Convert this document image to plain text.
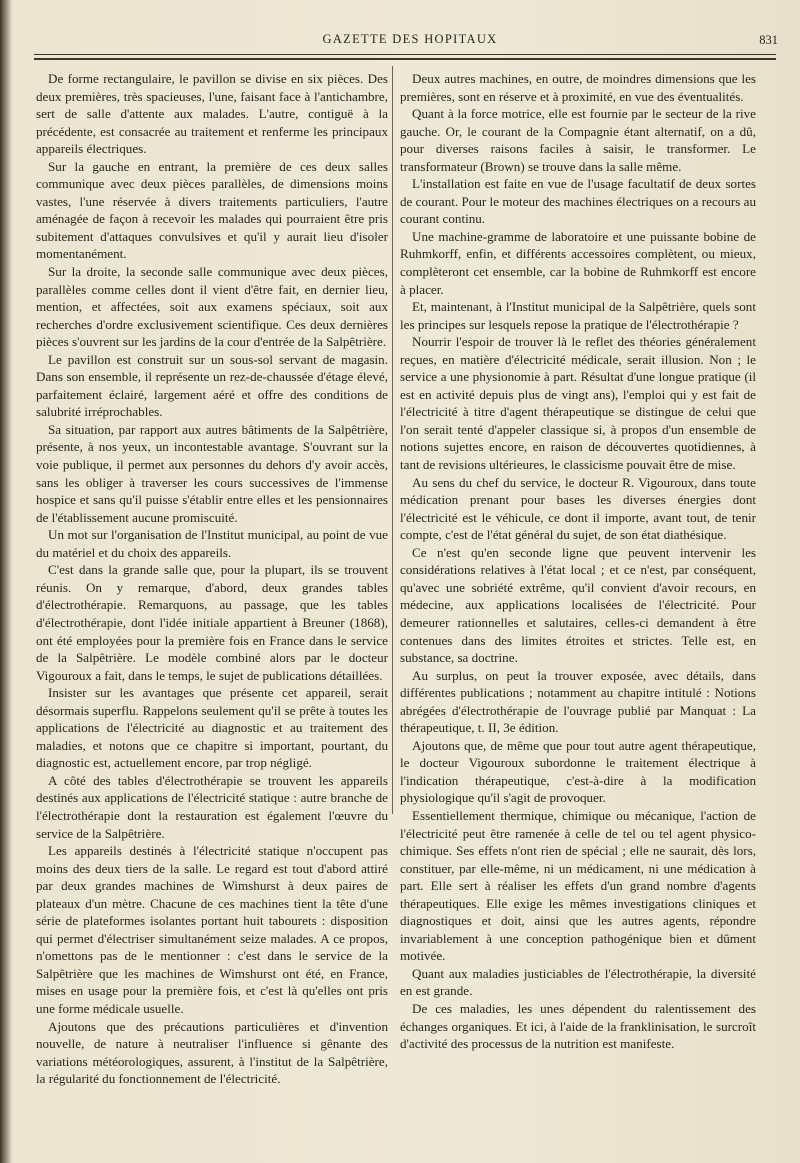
GAZETTE DES HOPITAUX	831

De forme rectangulaire, le pavillon se divise en six pièces. Des deux premières, très spacieuses, l'une, faisant face à l'antichambre, sert de salle d'attente aux malades. L'autre, contiguë à la précédente, est consacrée au traitement et renferme les principaux appareils électriques.

Sur la gauche en entrant, la première de ces deux salles communique avec deux pièces parallèles, de dimensions moins vastes, l'une réservée à divers traitements particuliers, l'autre aménagée de façon à recevoir les malades qui pourraient être pris subitement d'attaques convulsives et qu'il y aurait lieu d'isoler momentanément.

Sur la droite, la seconde salle communique avec deux pièces, parallèles comme celles dont il vient d'être fait, en dernier lieu, mention, et affectées, soit aux examens spéciaux, soit aux recherches d'ordre exclusivement scientifique. Ces deux dernières pièces s'ouvrent sur les jardins de la cour d'entrée de la Salpêtrière.

Le pavillon est construit sur un sous-sol servant de magasin. Dans son ensemble, il représente un rez-de-chaussée d'étage élevé, parfaitement éclairé, largement aéré et offre des conditions de salubrité irréprochables.

Sa situation, par rapport aux autres bâtiments de la Salpêtrière, présente, à nos yeux, un incontestable avantage. S'ouvrant sur la voie publique, il permet aux personnes du dehors d'y avoir accès, sans les obliger à traverser les cours successives de l'immense hospice et sans qu'il puisse s'établir entre elles et les pensionnaires de l'établissement aucune promiscuité.

Un mot sur l'organisation de l'Institut municipal, au point de vue du matériel et du choix des appareils.

C'est dans la grande salle que, pour la plupart, ils se trouvent réunis. On y remarque, d'abord, deux grandes tables d'électrothérapie. Remarquons, au passage, que les tables d'électrothérapie, dont l'idée initiale appartient à Breuner (1868), ont été employées pour la première fois en France dans le service de la Salpêtrière. Le modèle combiné alors par le docteur Vigouroux a fait, dans le temps, le sujet de publications détaillées.

Insister sur les avantages que présente cet appareil, serait désormais superflu. Rappelons seulement qu'il se prête à toutes les applications de l'électricité au diagnostic et au traitement des maladies, et notons que ce chapitre si important, pourtant, du diagnostic est, actuellement encore, par trop négligé.

A côté des tables d'électrothérapie se trouvent les appareils destinés aux applications de l'électricité statique : autre branche de l'électrothérapie dont la restauration est également l'œuvre du service de la Salpêtrière.

Les appareils destinés à l'électricité statique n'occupent pas moins des deux tiers de la salle. Le regard est tout d'abord attiré par deux grandes machines de Wimshurst à deux paires de plateaux d'un mètre. Chacune de ces machines tient la tête d'une série de plateformes isolantes portant huit tabourets : disposition qui permet d'électriser simultanément seize malades. A ce propos, n'omettons pas de le mentionner : c'est dans le service de la Salpêtrière que les machines de Wimshurst ont été, en France, mises en usage pour la première fois, et c'est là qu'elles ont pris une forme médicale usuelle.

Ajoutons que des précautions particulières et d'invention nouvelle, de nature à neutraliser l'influence si gênante des variations météorologiques, assurent, à l'institut de la Salpêtrière, la régularité du fonctionnement de l'électricité.

Deux autres machines, en outre, de moindres dimensions que les premières, sont en réserve et à proximité, en vue des éventualités.

Quant à la force motrice, elle est fournie par le secteur de la rive gauche. Or, le courant de la Compagnie étant alternatif, on a dû, pour diverses raisons faciles à saisir, le transformer. Le transformateur (Brown) se trouve dans la salle même.

L'installation est faite en vue de l'usage facultatif de deux sortes de courant. Pour le moteur des machines électriques on a recours au courant continu.

Une machine-gramme de laboratoire et une puissante bobine de Ruhmkorff, enfin, et différents accessoires complètent, ou mieux, complèteront cet ensemble, car la bobine de Ruhmkorff est encore à placer.

Et, maintenant, à l'Institut municipal de la Salpêtrière, quels sont les principes sur lesquels repose la pratique de l'électrothérapie ?

Nourrir l'espoir de trouver là le reflet des théories généralement reçues, en matière d'électricité médicale, serait illusion. Non ; le service a une physionomie à part. Résultat d'une longue pratique (il est en activité depuis plus de vingt ans), l'emploi qui y est fait de l'électricité à titre d'agent thérapeutique se distingue de celui que l'on serait tenté d'appeler classique si, à propos d'un ensemble de notions sujettes encore, en raison de découvertes quotidiennes, à tant de revisions ultérieures, le classicisme pouvait être de mise.

Au sens du chef du service, le docteur R. Vigouroux, dans toute médication prenant pour bases les diverses énergies dont l'électricité est le véhicule, ce dont il importe, avant tout, de tenir compte, c'est de l'état général du sujet, de son état diathésique.

Ce n'est qu'en seconde ligne que peuvent intervenir les considérations relatives à l'état local ; et ce n'est, par conséquent, qu'avec une sobriété extrême, qu'il convient d'avoir recours, en médecine, aux applications localisées de l'électricité. Pour demeurer rationnelles et salutaires, celles-ci demandent à être contenues dans des limites étroites et strictes. Telle est, en substance, sa doctrine.

Au surplus, on peut la trouver exposée, avec détails, dans différentes publications ; notamment au chapitre intitulé : Notions abrégées d'électrothérapie de l'ouvrage publié par Manquat : La thérapeutique, t. II, 3e édition.

Ajoutons que, de même que pour tout autre agent thérapeutique, le docteur Vigouroux subordonne le traitement électrique à l'indication thérapeutique, c'est-à-dire à la modification physiologique qu'il s'agit de provoquer.

Essentiellement thermique, chimique ou mécanique, l'action de l'électricité peut être ramenée à celle de tel ou tel agent physico-chimique. Ses effets n'ont rien de spécial ; elle ne saurait, dès lors, constituer, par elle-même, ni un médicament, ni une médication à part. Elle sert à réaliser les effets d'un grand nombre d'agents thérapeutiques. Elle exige les mêmes investigations cliniques et diagnostiques et doit, ainsi que les autres agents, répondre invariablement à une conception pathogénique bien et dûment motivée.

Quant aux maladies justiciables de l'électrothérapie, la diversité en est grande.

De ces maladies, les unes dépendent du ralentissement des échanges organiques. Et ici, à l'aide de la franklinisation, le surcroît d'activité des processus de la nutrition est manifeste.
